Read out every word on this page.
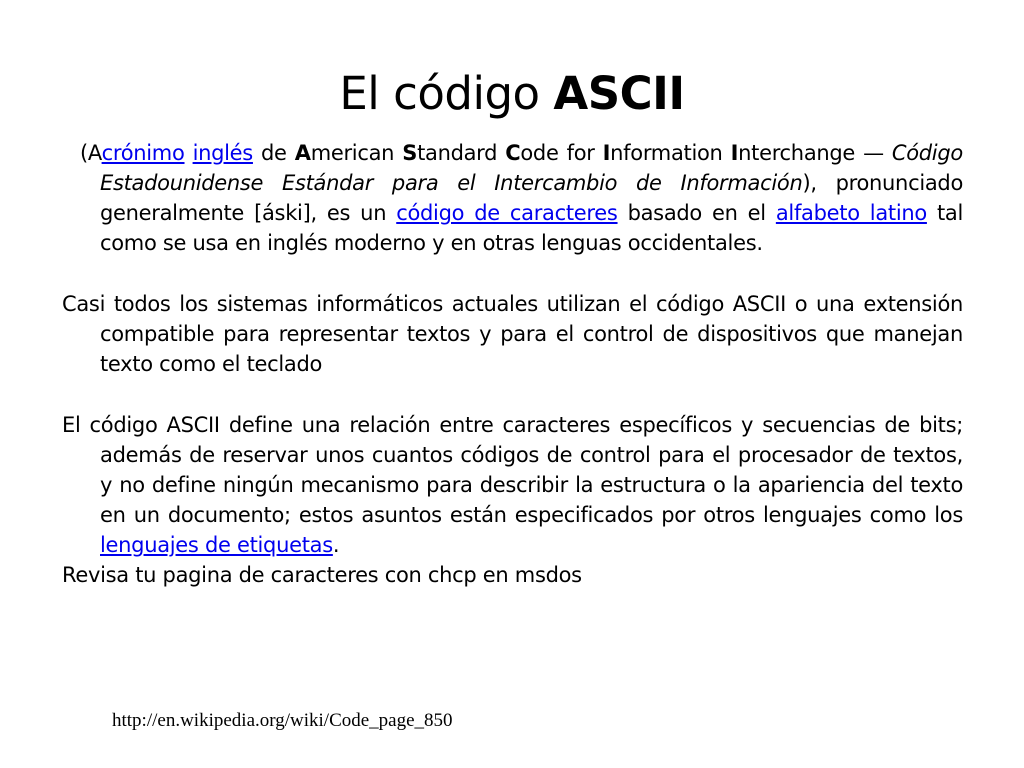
El código ASCII

(Acrónimo inglés de American Standard Code for Information Interchange — Código Estadounidense Estándar para el Intercambio de Información), pronunciado generalmente [áski], es un código de caracteres basado en el alfabeto latino tal como se usa en inglés moderno y en otras lenguas occidentales.

Casi todos los sistemas informáticos actuales utilizan el código ASCII o una extensión compatible para representar textos y para el control de dispositivos que manejan texto como el teclado

El código ASCII define una relación entre caracteres específicos y secuencias de bits; además de reservar unos cuantos códigos de control para el procesador de textos, y no define ningún mecanismo para describir la estructura o la apariencia del texto en un documento; estos asuntos están especificados por otros lenguajes como los lenguajes de etiquetas.

Revisa tu pagina de caracteres con chcp en msdos

http://en.wikipedia.org/wiki/Code_page_850
